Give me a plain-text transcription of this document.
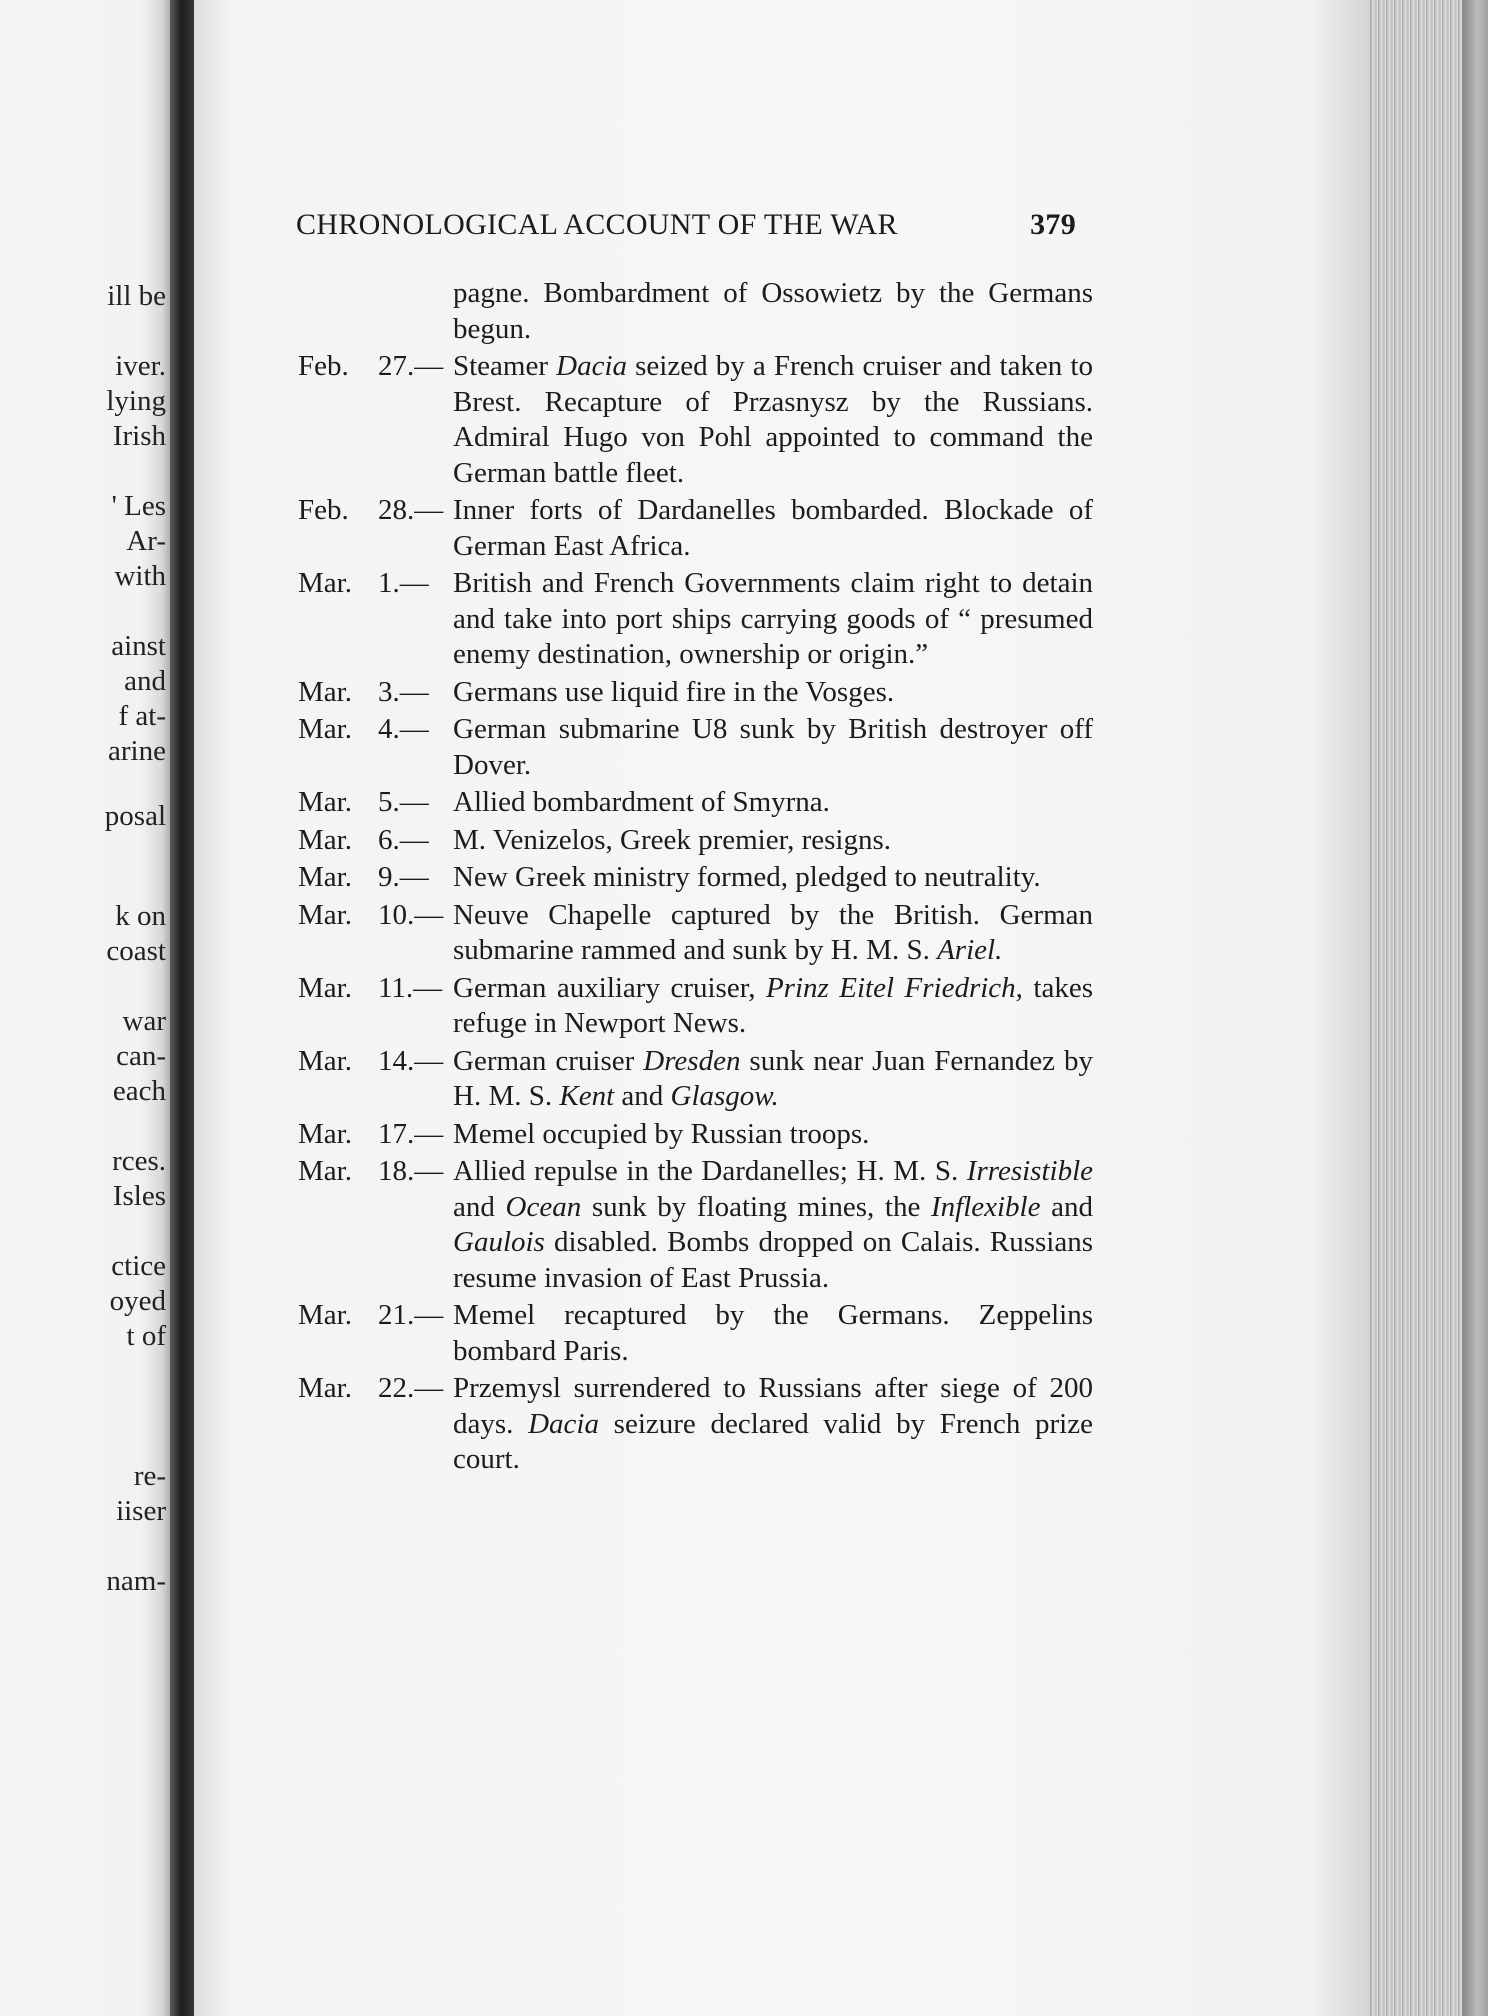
ill be
iver.
lying
Irish
' Les
Ar-
with
ainst
and
f at-
arine
posal
k on
coast
war
can-
each
rces.
Isles
ctice
oyed
t of
re-
iiser
nam-
CHRONOLOGICAL ACCOUNT OF THE WAR	379
pagne. Bombardment of Ossowietz by the Germans begun.
Feb. 27.— Steamer Dacia seized by a French cruiser and taken to Brest. Recapture of Przasnysz by the Russians. Admiral Hugo von Pohl appointed to command the German battle fleet.
Feb. 28.— Inner forts of Dardanelles bombarded. Blockade of German East Africa.
Mar. 1.— British and French Governments claim right to detain and take into port ships carrying goods of “ presumed enemy destination, ownership or origin.”
Mar. 3.— Germans use liquid fire in the Vosges.
Mar. 4.— German submarine U8 sunk by British destroyer off Dover.
Mar. 5.— Allied bombardment of Smyrna.
Mar. 6.— M. Venizelos, Greek premier, resigns.
Mar. 9.— New Greek ministry formed, pledged to neutrality.
Mar. 10.— Neuve Chapelle captured by the British. German submarine rammed and sunk by H. M. S. Ariel.
Mar. 11.— German auxiliary cruiser, Prinz Eitel Friedrich, takes refuge in Newport News.
Mar. 14.— German cruiser Dresden sunk near Juan Fernandez by H. M. S. Kent and Glasgow.
Mar. 17.— Memel occupied by Russian troops.
Mar. 18.— Allied repulse in the Dardanelles; H. M. S. Irresistible and Ocean sunk by floating mines, the Inflexible and Gaulois disabled. Bombs dropped on Calais. Russians resume invasion of East Prussia.
Mar. 21.— Memel recaptured by the Germans. Zeppelins bombard Paris.
Mar. 22.— Przemysl surrendered to Russians after siege of 200 days. Dacia seizure declared valid by French prize court.
